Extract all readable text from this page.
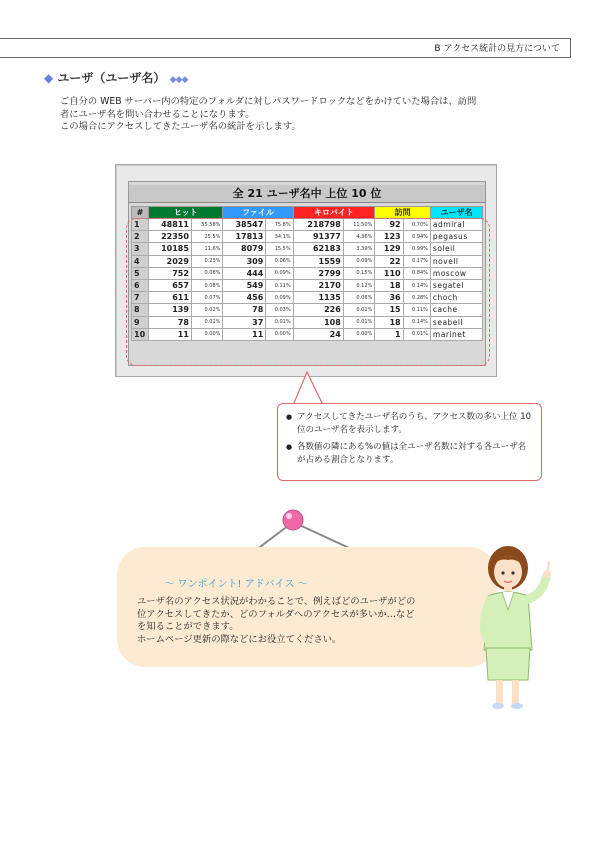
B アクセス統計の見方について
◆ ユーザ（ユーザ名） ◆◆◆

ご自分の WEB サーバー内の特定のフォルダに対しパスワードロックなどをかけていた場合は、訪問

者にユーザ名を問い合わせることになります。

この場合にアクセスしてきたユーザ名の統計を示します。

全 21 ユーザ名中 上位 10 位
#	ヒット		ファイル		キロバイト		訪問		ユーザ名
1	48811	55.58%	38547	75.8%	218798	11.50%	92	0.70%	admiral
2	22350	25.5%	17813	34.1%	91377	4.36%	123	0.94%	pegasus
3	10185	11.6%	8079	15.5%	62183	3.39%	129	0.99%	soleil
4	2029	0.23%	309	0.06%	1559	0.09%	22	0.17%	novell
5	752	0.08%	444	0.09%	2799	0.15%	110	0.84%	moscow
6	657	0.08%	549	0.11%	2170	0.12%	18	0.14%	segatel
7	611	0.07%	456	0.09%	1135	0.06%	36	0.28%	choch
8	139	0.02%	78	0.03%	226	0.01%	15	0.11%	cache
9	78	0.01%	37	0.01%	108	0.01%	18	0.14%	seabell
10	11	0.00%	11	0.00%	24	0.00%	1	0.01%	marinet
● アクセスしてきたユーザ名のうち、アクセス数の多い上位 10 位のユーザ名を表示します。
● 各数値の隣にある%の値は全ユーザ名数に対する各ユーザ名が占める割合となります。
～ ワンポイント! アドバイス ～

ユーザ名のアクセス状況がわかることで、例えばどのユーザがどの

位アクセスしてきたか、どのフォルダへのアクセスが多いか…など

を知ることができます。

ホームページ更新の際などにお役立てください。
